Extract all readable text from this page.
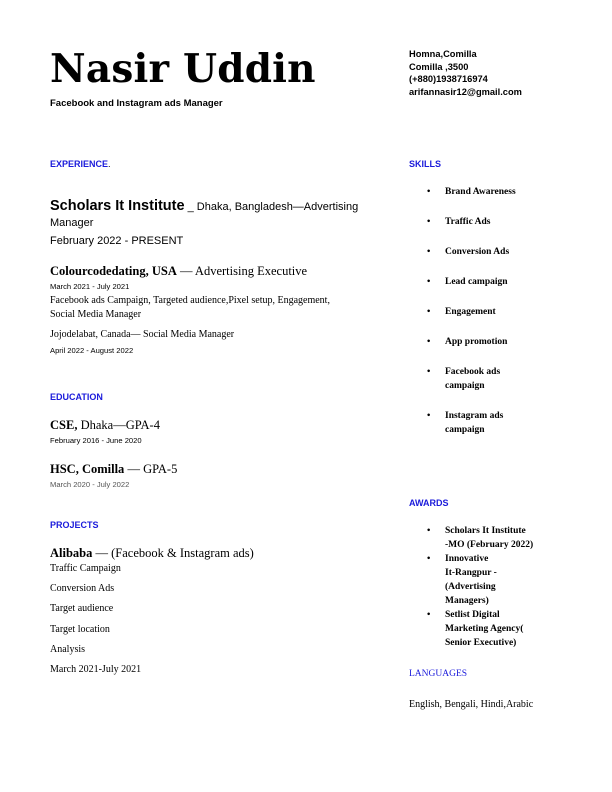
Nasir Uddin
Facebook and Instagram ads Manager
Homna,Comilla
Comilla ,3500
(+880)1938716974
arifannasir12@gmail.com
EXPERIENCE.
Scholars It Institute _ Dhaka, Bangladesh—Advertising
Manager
February 2022 - PRESENT
Colourcodedating, USA — Advertising Executive
March 2021 - July 2021
Facebook ads Campaign, Targeted audience,Pixel setup, Engagement,
Social Media Manager
Jojodelabat, Canada— Social Media Manager
April 2022 - August 2022
EDUCATION
CSE, Dhaka—GPA-4
February 2016 - June 2020
HSC, Comilla — GPA-5
March 2020 - July 2022
PROJECTS
Alibaba — (Facebook & Instagram ads)
Traffic Campaign
Conversion Ads
Target audience
Target location
Analysis
March 2021-July 2021
SKILLS
• Brand Awareness
• Traffic Ads
• Conversion Ads
• Lead campaign
• Engagement
• App promotion
• Facebook ads
campaign
• Instagram ads
campaign
AWARDS
• Scholars It Institute
-MO (February 2022)
• Innovative
It-Rangpur -
(Advertising
Managers)
• Setlist Digital
Marketing Agency(
Senior Executive)
LANGUAGES
English, Bengali, Hindi,Arabic
